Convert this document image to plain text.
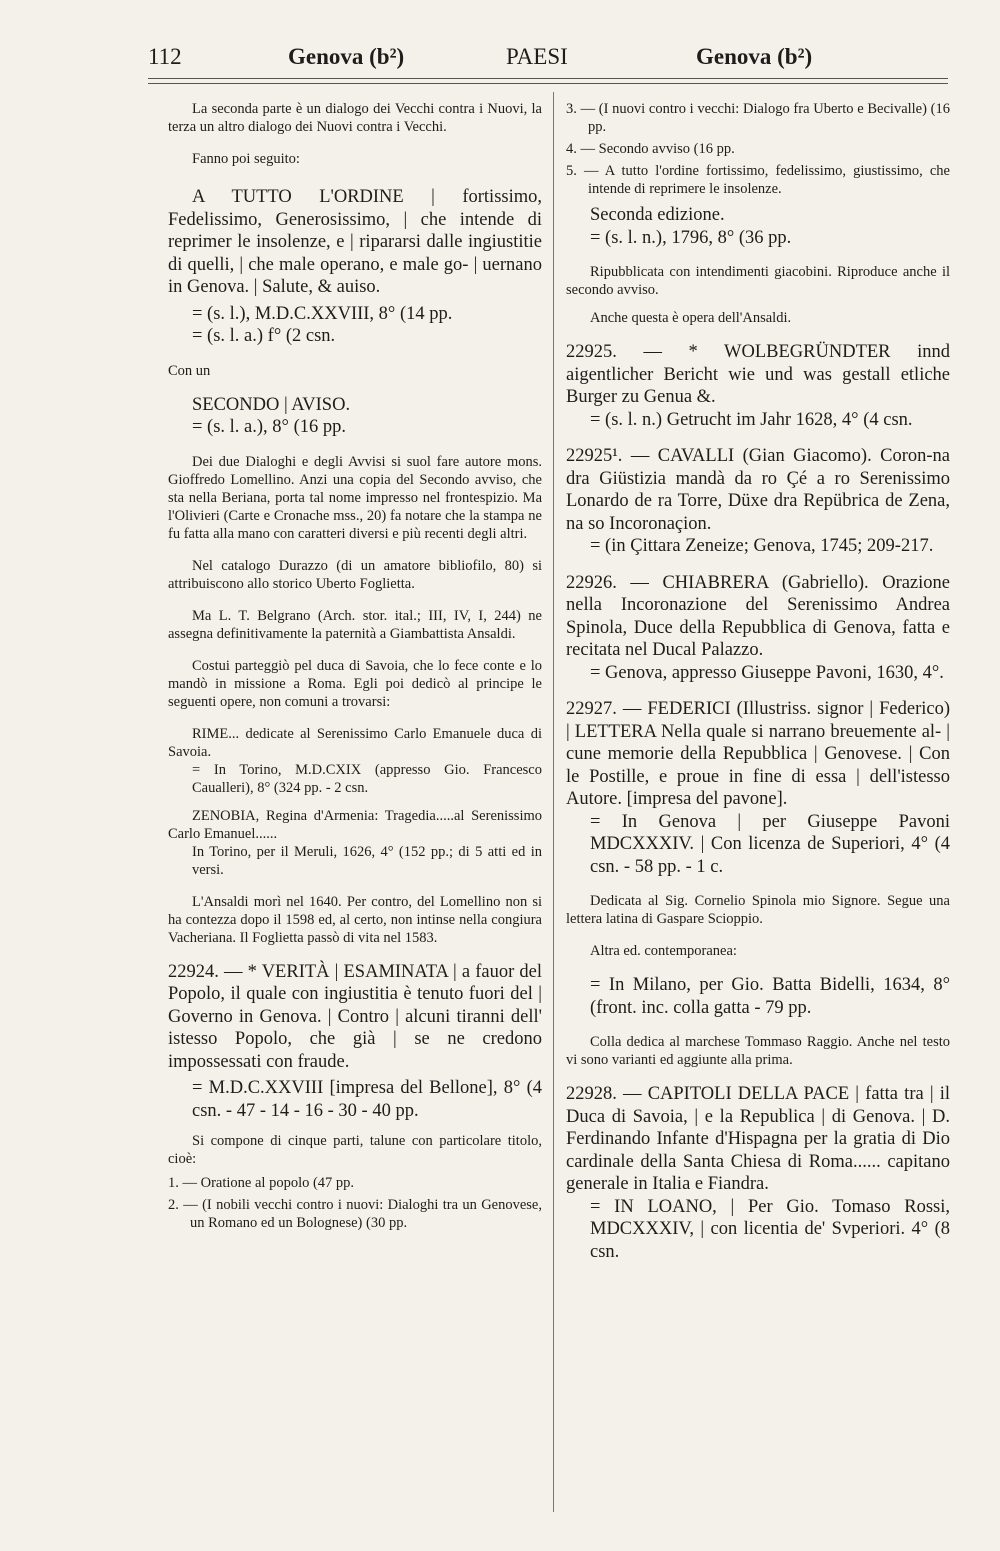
112	Genova (b²)	PAESI	Genova (b²)

La seconda parte è un dialogo dei Vecchi contra i Nuovi, la terza un altro dialogo dei Nuovi contra i Vecchi.

Fanno poi seguito:

A TUTTO L'ORDINE | fortissimo, Fedelissimo, Generosissimo, | che intende di reprimer le insolenze, e | ripararsi dalle ingiustitie di quelli, | che male operano, e male go- | uernano in Genova. | Salute, & auiso.

= (s. l.), M.D.C.XXVIII, 8° (14 pp.

= (s. l. a.) f° (2 csn.

Con un

SECONDO | AVISO.

= (s. l. a.), 8° (16 pp.

Dei due Dialoghi e degli Avvisi si suol fare autore mons. Gioffredo Lomellino. Anzi una copia del Secondo avviso, che sta nella Beriana, porta tal nome impresso nel frontespizio. Ma l'Olivieri (Carte e Cronache mss., 20) fa notare che la stampa ne fu fatta alla mano con caratteri diversi e più recenti degli altri.

Nel catalogo Durazzo (di un amatore bibliofilo, 80) si attribuiscono allo storico Uberto Foglietta.

Ma L. T. Belgrano (Arch. stor. ital.; III, IV, I, 244) ne assegna definitivamente la paternità a Giambattista Ansaldi.

Costui parteggiò pel duca di Savoia, che lo fece conte e lo mandò in missione a Roma. Egli poi dedicò al principe le seguenti opere, non comuni a trovarsi:

RIME... dedicate al Serenissimo Carlo Emanuele duca di Savoia.

= In Torino, M.D.CXIX (appresso Gio. Francesco Caualleri), 8° (324 pp. - 2 csn.

ZENOBIA, Regina d'Armenia: Tragedia.....al Serenissimo Carlo Emanuel......

In Torino, per il Meruli, 1626, 4° (152 pp.; di 5 atti ed in versi.

L'Ansaldi morì nel 1640. Per contro, del Lomellino non si ha contezza dopo il 1598 ed, al certo, non intinse nella congiura Vacheriana. Il Foglietta passò di vita nel 1583.

22924. — * VERITÀ | ESAMINATA | a fauor del Popolo, il quale con ingiustitia è tenuto fuori del | Governo in Genova. | Contro | alcuni tiranni dell' istesso Popolo, che già | se ne credono impossessati con fraude.

= M.D.C.XXVIII [impresa del Bellone], 8° (4 csn. - 47 - 14 - 16 - 30 - 40 pp.

Si compone di cinque parti, talune con particolare titolo, cioè:

1. — Oratione al popolo (47 pp.

2. — (I nobili vecchi contro i nuovi: Dialoghi tra un Genovese, un Romano ed un Bolognese) (30 pp.

3. — (I nuovi contro i vecchi: Dialogo fra Uberto e Becivalle) (16 pp.

4. — Secondo avviso (16 pp.

5. — A tutto l'ordine fortissimo, fedelissimo, giustissimo, che intende di reprimere le insolenze.

Seconda edizione.

= (s. l. n.), 1796, 8° (36 pp.

Ripubblicata con intendimenti giacobini. Riproduce anche il secondo avviso.

Anche questa è opera dell'Ansaldi.

22925. — * WOLBEGRÜNDTER innd aigentlicher Bericht wie und was gestall etliche Burger zu Genua &.

= (s. l. n.) Getrucht im Jahr 1628, 4° (4 csn.

22925¹. — CAVALLI (Gian Giacomo). Coron-na dra Giüstizia mandà da ro Çé a ro Serenissimo Lonardo de ra Torre, Düxe dra Repübrica de Zena, na so Incoronaçion.

= (in Çittara Zeneize; Genova, 1745; 209-217.

22926. — CHIABRERA (Gabriello). Orazione nella Incoronazione del Serenissimo Andrea Spinola, Duce della Repubblica di Genova, fatta e recitata nel Ducal Palazzo.

= Genova, appresso Giuseppe Pavoni, 1630, 4°.

22927. — FEDERICI (Illustriss. signor | Federico) | LETTERA Nella quale si narrano breuemente al- | cune memorie della Repubblica | Genovese. | Con le Postille, e proue in fine di essa | dell'istesso Autore. [impresa del pavone].

= In Genova | per Giuseppe Pavoni MDCXXXIV. | Con licenza de Superiori, 4° (4 csn. - 58 pp. - 1 c.

Dedicata al Sig. Cornelio Spinola mio Signore. Segue una lettera latina di Gaspare Scioppio.

Altra ed. contemporanea:

= In Milano, per Gio. Batta Bidelli, 1634, 8° (front. inc. colla gatta - 79 pp.

Colla dedica al marchese Tommaso Raggio. Anche nel testo vi sono varianti ed aggiunte alla prima.

22928. — CAPITOLI DELLA PACE | fatta tra | il Duca di Savoia, | e la Republica | di Genova. | D. Ferdinando Infante d'Hispagna per la gratia di Dio cardinale della Santa Chiesa di Roma...... capitano generale in Italia e Fiandra.

= IN LOANO, | Per Gio. Tomaso Rossi, MDCXXXIV, | con licentia de' Svperiori. 4° (8 csn.
